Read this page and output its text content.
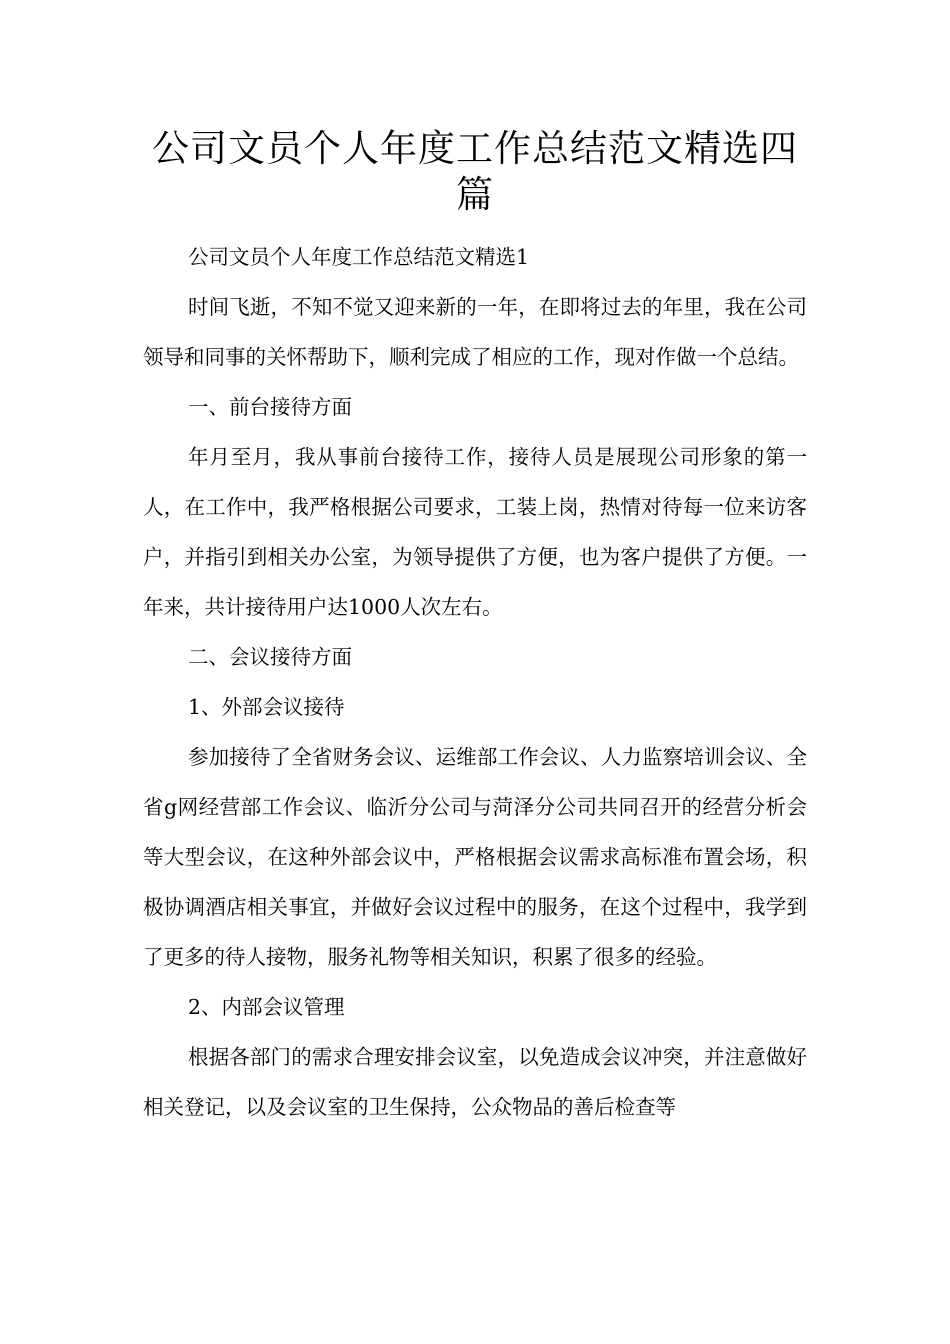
公司文员个人年度工作总结范文精选四篇

公司文员个人年度工作总结范文精选1

时间飞逝，不知不觉又迎来新的一年，在即将过去的年里，我在公司领导和同事的关怀帮助下，顺利完成了相应的工作，现对作做一个总结。

一、前台接待方面

年月至月，我从事前台接待工作，接待人员是展现公司形象的第一人，在工作中，我严格根据公司要求，工装上岗，热情对待每一位来访客户，并指引到相关办公室，为领导提供了方便，也为客户提供了方便。一年来，共计接待用户达1000人次左右。

二、会议接待方面

1、外部会议接待

参加接待了全省财务会议、运维部工作会议、人力监察培训会议、全省g网经营部工作会议、临沂分公司与菏泽分公司共同召开的经营分析会等大型会议，在这种外部会议中，严格根据会议需求高标准布置会场，积极协调酒店相关事宜，并做好会议过程中的服务，在这个过程中，我学到了更多的待人接物，服务礼物等相关知识，积累了很多的经验。

2、内部会议管理

根据各部门的需求合理安排会议室，以免造成会议冲突，并注意做好相关登记，以及会议室的卫生保持，公众物品的善后检查等
